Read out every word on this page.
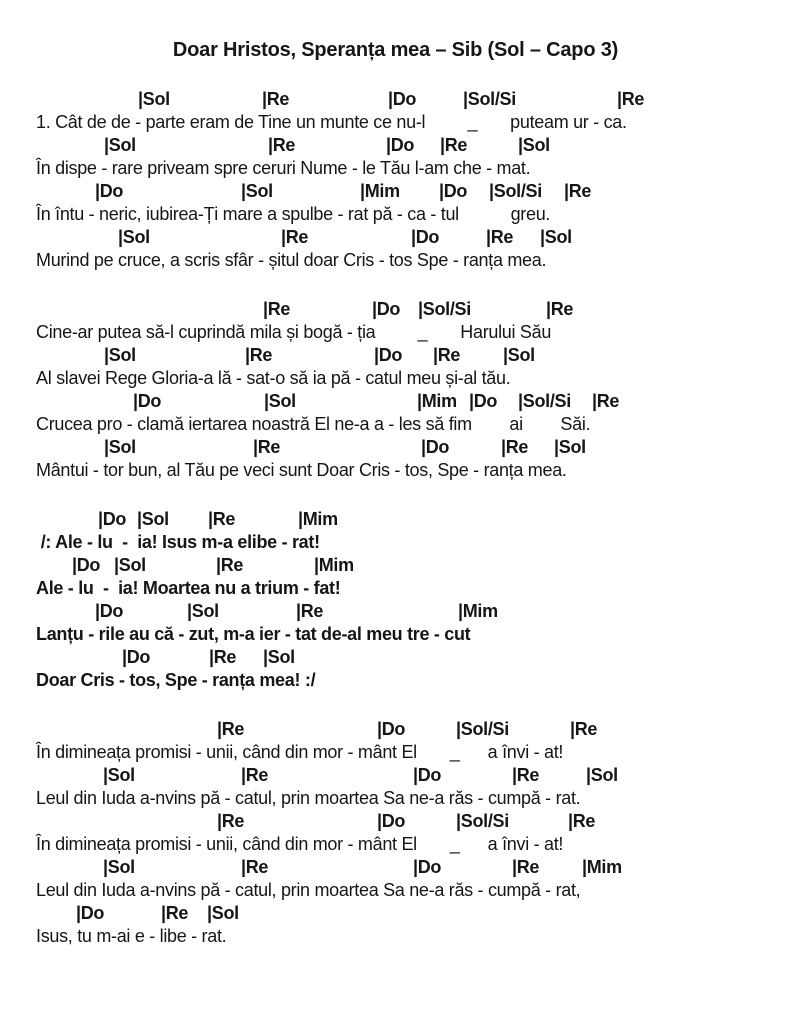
Doar Hristos, Speranța mea – Sib (Sol – Capo 3)
|Sol	|Re	|Do	|Sol/Si	|Re
1. Cât de de - parte eram de Tine un munte ce nu-l         _       puteam ur - ca.
|Sol	|Re	|Do |Re	|Sol
În dispe - rare priveam spre ceruri Nume - le Tău l-am che - mat.
|Do	|Sol	|Mim |Do |Sol/Si |Re
În întu - neric, iubirea-Ți mare a spulbe - rat pă - ca - tul           greu.
|Sol	|Re	|Do	|Re |Sol
Murind pe cruce, a scris sfâr - șitul doar Cris - tos Spe - ranța mea.
|Re	|Do |Sol/Si	|Re
Cine-ar putea să-l cuprindă mila și bogă - ția         _       Harului Său
|Sol	|Re	|Do |Re |Sol
Al slavei Rege Gloria-a lă - sat-o să ia pă - catul meu și-al tău.
|Do	|Sol	|Mim |Do |Sol/Si |Re
Crucea pro - clamă iertarea noastră El ne-a a - les să fim        ai        Săi.
|Sol	|Re	|Do	|Re |Sol
Mântui - tor bun, al Tău pe veci sunt Doar Cris - tos, Spe - ranța mea.
|Do |Sol |Re	|Mim
/: Ale - lu  -  ia! Isus m-a elibe - rat!
|Do |Sol	|Re	|Mim
Ale - lu  -  ia! Moartea nu a trium - fat!
|Do	|Sol	|Re	|Mim
Lanțu - rile au că - zut, m-a ier - tat de-al meu tre - cut
|Do	|Re |Sol
Doar Cris - tos, Spe - ranța mea! :/
|Re	|Do	|Sol/Si	|Re
În dimineața promisi - unii, când din mor - mânt El       _      a învi - at!
|Sol	|Re	|Do	|Re	|Sol
Leul din Iuda a-nvins pă - catul, prin moartea Sa ne-a răs - cumpă - rat.
|Re	|Do	|Sol/Si	|Re
În dimineața promisi - unii, când din mor - mânt El       _      a învi - at!
|Sol	|Re	|Do	|Re |Mim
Leul din Iuda a-nvins pă - catul, prin moartea Sa ne-a răs - cumpă - rat,
|Do	|Re |Sol
Isus, tu m-ai e - libe - rat.
